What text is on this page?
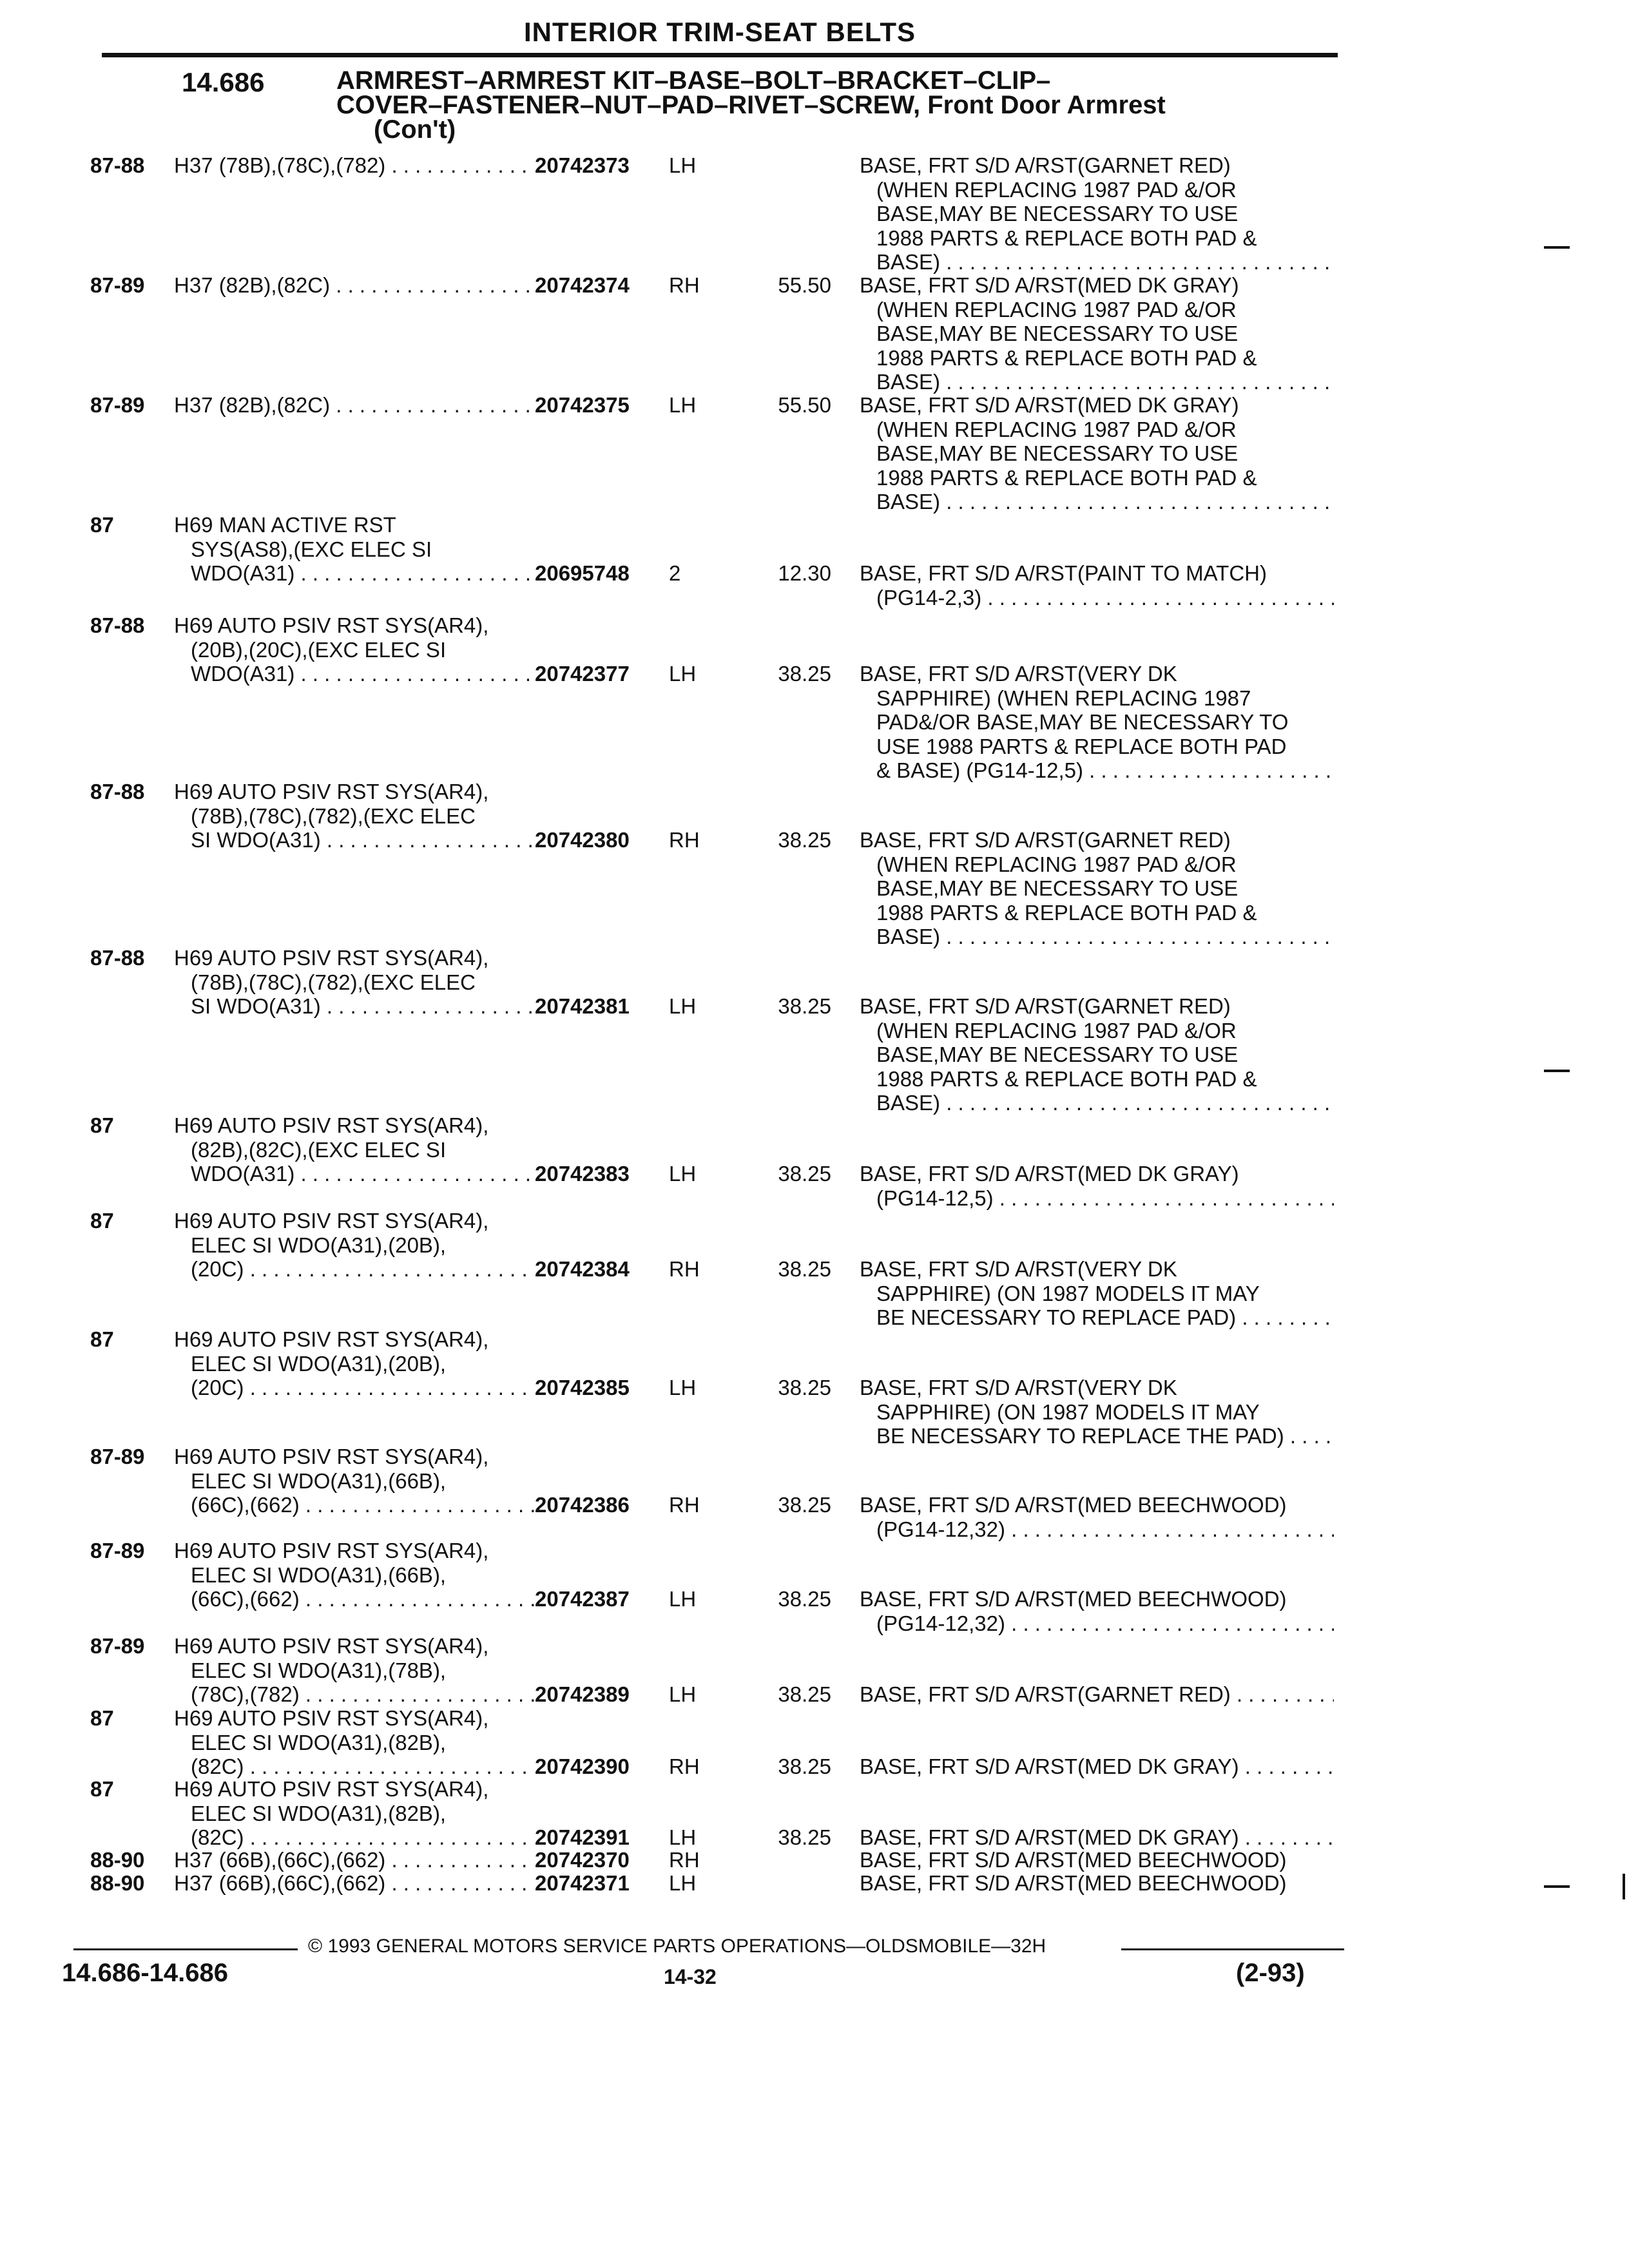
INTERIOR TRIM-SEAT BELTS
14.686	ARMREST–ARMREST KIT–BASE–BOLT–BRACKET–CLIP–
COVER–FASTENER–NUT–PAD–RIVET–SCREW, Front Door Armrest
(Con't)
87-88 H37 (78B),(78C),(782) . . .	20742373	LH	BASE, FRT S/D A/RST(GARNET RED)
(WHEN REPLACING 1987 PAD &/OR
BASE,MAY BE NECESSARY TO USE
1988 PARTS & REPLACE BOTH PAD &
BASE) . . .
87-89 H37 (82B),(82C) . . .	20742374	RH	55.50 BASE, FRT S/D A/RST(MED DK GRAY)
(WHEN REPLACING 1987 PAD &/OR
BASE,MAY BE NECESSARY TO USE
1988 PARTS & REPLACE BOTH PAD &
BASE) . . .
87-89 H37 (82B),(82C) . . .	20742375	LH	55.50 BASE, FRT S/D A/RST(MED DK GRAY)
(WHEN REPLACING 1987 PAD &/OR
BASE,MAY BE NECESSARY TO USE
1988 PARTS & REPLACE BOTH PAD &
BASE) . . .
87	H69 MAN ACTIVE RST
SYS(AS8),(EXC ELEC SI
WDO(A31) . . .	20695748	2	12.30 BASE, FRT S/D A/RST(PAINT TO MATCH)
(PG14-2,3) . . .
87-88 H69 AUTO PSIV RST SYS(AR4),
(20B),(20C),(EXC ELEC SI
WDO(A31) . . .	20742377	LH	38.25 BASE, FRT S/D A/RST(VERY DK
SAPPHIRE) (WHEN REPLACING 1987
PAD&/OR BASE,MAY BE NECESSARY TO
USE 1988 PARTS & REPLACE BOTH PAD
& BASE) (PG14-12,5) . . .
87-88 H69 AUTO PSIV RST SYS(AR4),
(78B),(78C),(782),(EXC ELEC
SI WDO(A31) . . .	20742380	RH	38.25 BASE, FRT S/D A/RST(GARNET RED)
(WHEN REPLACING 1987 PAD &/OR
BASE,MAY BE NECESSARY TO USE
1988 PARTS & REPLACE BOTH PAD &
BASE) . . .
87-88 H69 AUTO PSIV RST SYS(AR4),
(78B),(78C),(782),(EXC ELEC
SI WDO(A31) . . .	20742381	LH	38.25 BASE, FRT S/D A/RST(GARNET RED)
(WHEN REPLACING 1987 PAD &/OR
BASE,MAY BE NECESSARY TO USE
1988 PARTS & REPLACE BOTH PAD &
BASE) . . .
87	H69 AUTO PSIV RST SYS(AR4),
(82B),(82C),(EXC ELEC SI
WDO(A31) . . .	20742383	LH	38.25 BASE, FRT S/D A/RST(MED DK GRAY)
(PG14-12,5) . . .
87	H69 AUTO PSIV RST SYS(AR4),
ELEC SI WDO(A31),(20B),
(20C) . . .	20742384	RH	38.25 BASE, FRT S/D A/RST(VERY DK
SAPPHIRE) (ON 1987 MODELS IT MAY
BE NECESSARY TO REPLACE PAD) . . .
87	H69 AUTO PSIV RST SYS(AR4),
ELEC SI WDO(A31),(20B),
(20C) . . .	20742385	LH	38.25 BASE, FRT S/D A/RST(VERY DK
SAPPHIRE) (ON 1987 MODELS IT MAY
BE NECESSARY TO REPLACE THE PAD) . . .
87-89 H69 AUTO PSIV RST SYS(AR4),
ELEC SI WDO(A31),(66B),
(66C),(662) . . .	20742386	RH	38.25 BASE, FRT S/D A/RST(MED BEECHWOOD)
(PG14-12,32) . . .
87-89 H69 AUTO PSIV RST SYS(AR4),
ELEC SI WDO(A31),(66B),
(66C),(662) . . .	20742387	LH	38.25 BASE, FRT S/D A/RST(MED BEECHWOOD)
(PG14-12,32) . . .
87-89 H69 AUTO PSIV RST SYS(AR4),
ELEC SI WDO(A31),(78B),
(78C),(782) . . .	20742389	LH	38.25 BASE, FRT S/D A/RST(GARNET RED) . . .
87	H69 AUTO PSIV RST SYS(AR4),
ELEC SI WDO(A31),(82B),
(82C) . . .	20742390	RH	38.25 BASE, FRT S/D A/RST(MED DK GRAY) . . .
87	H69 AUTO PSIV RST SYS(AR4),
ELEC SI WDO(A31),(82B),
(82C) . . .	20742391	LH	38.25 BASE, FRT S/D A/RST(MED DK GRAY) . . .
88-90 H37 (66B),(66C),(662) . . .	20742370	RH	BASE, FRT S/D A/RST(MED BEECHWOOD)
88-90 H37 (66B),(66C),(662) . . .	20742371	LH	BASE, FRT S/D A/RST(MED BEECHWOOD)
© 1993 GENERAL MOTORS SERVICE PARTS OPERATIONS—OLDSMOBILE—32H
14.686-14.686	14-32	(2-93)
